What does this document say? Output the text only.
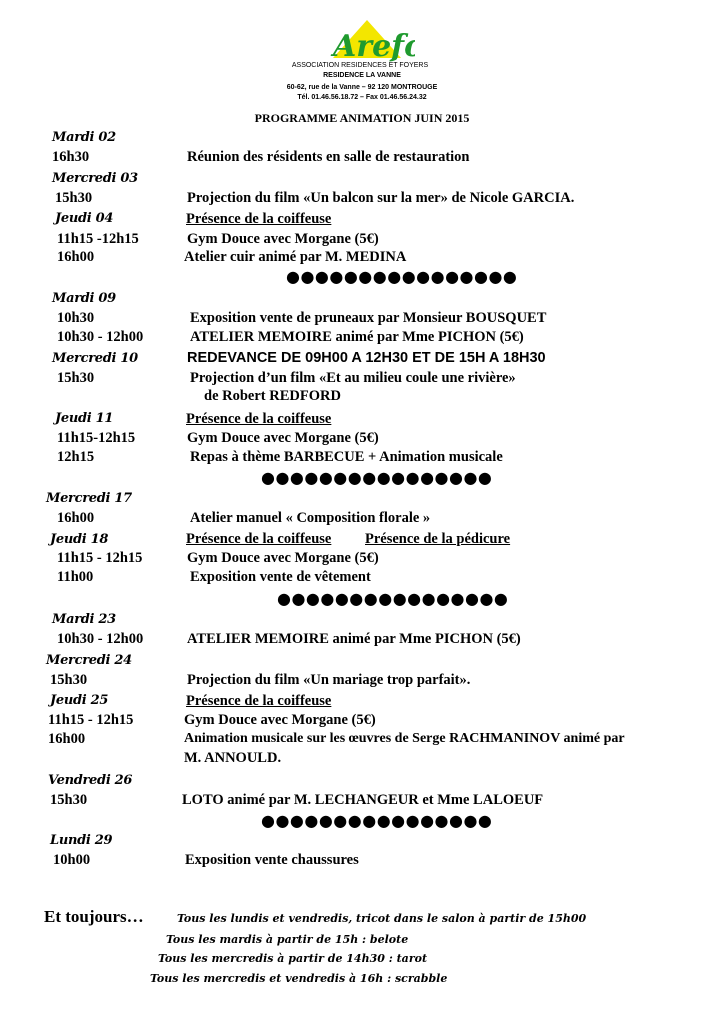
Arefo
ASSOCIATION RESIDENCES ET FOYERS
RESIDENCE LA VANNE
60-62, rue de la Vanne – 92 120 MONTROUGE
Tél. 01.46.56.18.72 – Fax 01.46.56.24.32
PROGRAMME ANIMATION JUIN 2015
Mardi 02
16h30	Réunion des résidents en salle de restauration
Mercredi 03
15h30	Projection du film «Un balcon sur la mer» de Nicole GARCIA.
Jeudi 04	Présence de la coiffeuse
11h15 -12h15	Gym Douce avec Morgane (5€)
16h00	Atelier cuir animé par M. MEDINA
●●●●●●●●●●●●●●●●
Mardi 09
10h30	Exposition vente de pruneaux par Monsieur BOUSQUET
10h30 - 12h00	ATELIER MEMOIRE animé par Mme PICHON (5€)
Mercredi 10	REDEVANCE DE 09H00 A 12H30 ET DE 15H A 18H30
15h30	Projection d’un film «Et au milieu coule une rivière»
de Robert REDFORD
Jeudi 11	Présence de la coiffeuse
11h15-12h15	Gym Douce avec Morgane (5€)
12h15	Repas à thème BARBECUE + Animation musicale
●●●●●●●●●●●●●●●●
Mercredi 17
16h00	Atelier manuel « Composition florale »
Jeudi 18	Présence de la coiffeuse Présence de la pédicure
11h15 - 12h15	Gym Douce avec Morgane (5€)
11h00	Exposition vente de vêtement
●●●●●●●●●●●●●●●●
Mardi 23
10h30 - 12h00	ATELIER MEMOIRE animé par Mme PICHON (5€)
Mercredi 24
15h30	Projection du film «Un mariage trop parfait».
Jeudi 25	Présence de la coiffeuse
11h15 - 12h15	Gym Douce avec Morgane (5€)
16h00	Animation musicale sur les œuvres de Serge RACHMANINOV animé par
M. ANNOULD.
Vendredi 26
15h30	LOTO animé par M. LECHANGEUR et Mme LALOEUF
●●●●●●●●●●●●●●●●
Lundi 29
10h00	Exposition vente chaussures
Et toujours…	Tous les lundis et vendredis, tricot dans le salon à partir de 15h00
Tous les mardis à partir de 15h : belote
Tous les mercredis à partir de 14h30 : tarot
Tous les mercredis et vendredis à 16h : scrabble
